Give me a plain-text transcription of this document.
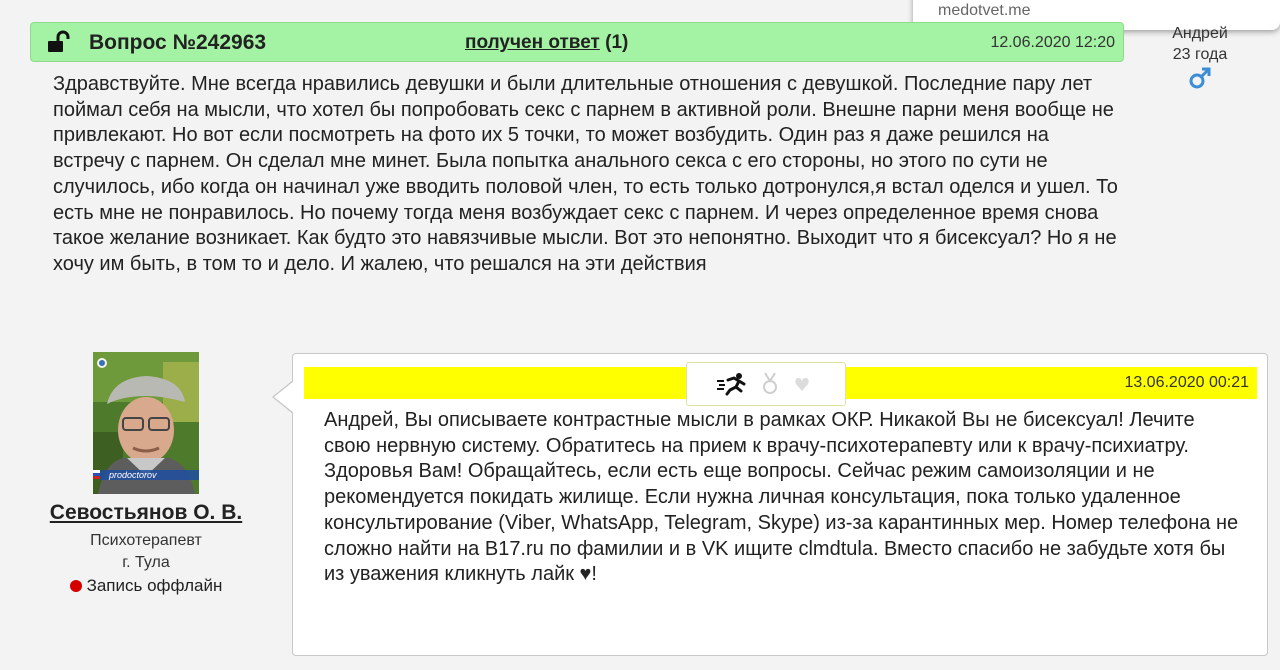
medotvet.me
Вопрос №242963	получен ответ (1)	12.06.2020 12:20
Андрей
23 года
Здравствуйте. Мне всегда нравились девушки и были длительные отношения с девушкой. Последние пару лет поймал себя на мысли, что хотел бы попробовать секс с парнем в активной роли. Внешне парни меня вообще не привлекают. Но вот если посмотреть на фото их 5 точки, то может возбудить. Один раз я даже решился на встречу с парнем. Он сделал мне минет. Была попытка анального секса с его стороны, но этого по сути не случилось, ибо когда он начинал уже вводить половой член, то есть только дотронулся,я встал оделся и ушел. То есть мне не понравилось. Но почему тогда меня возбуждает секс с парнем. И через определенное время снова такое желание возникает. Как будто это навязчивые мысли. Вот это непонятно. Выходит что я бисексуал? Но я не хочу им быть, в том то и дело. И жалею, что решался на эти действия
prodoctorov
Севостьянов О. В.
Психотерапевт
г. Тула
Запись оффлайн
13.06.2020 00:21

Андрей, Вы описываете контрастные мысли в рамках ОКР. Никакой Вы не бисексуал! Лечите свою нервную систему. Обратитесь на прием к врачу-психотерапевту или к врачу-психиатру.

Здоровья Вам! Обращайтесь, если есть еще вопросы. Сейчас режим самоизоляции и не рекомендуется покидать жилище. Если нужна личная консультация, пока только удаленное консультирование (Viber, WhatsApp, Telegram, Skype) из-за карантинных мер. Номер телефона не сложно найти на B17.ru по фамилии и в VK ищите clmdtula. Вместо спасибо не забудьте хотя бы из уважения кликнуть лайк ♥!
